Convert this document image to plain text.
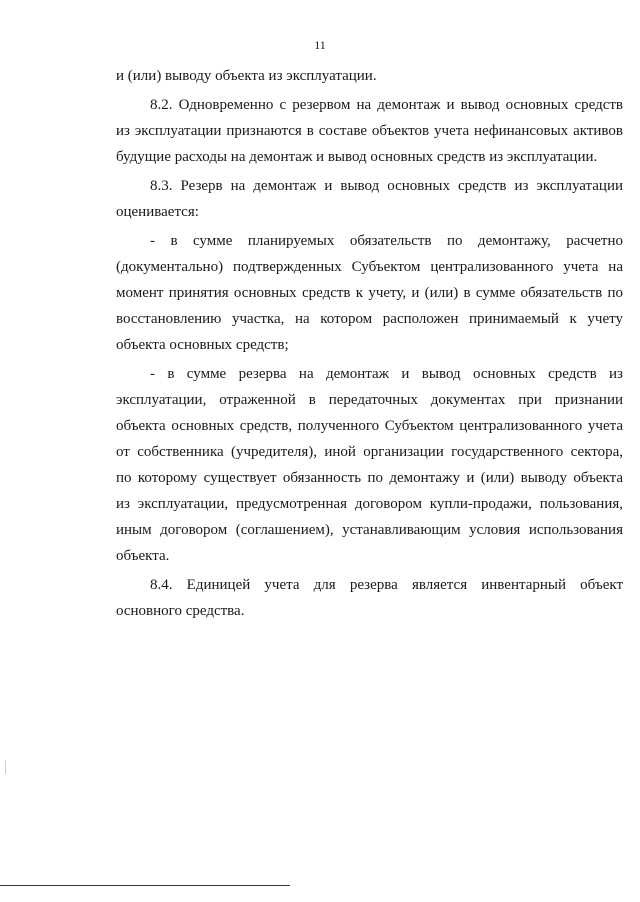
11
и (или) выводу объекта из эксплуатации.
8.2. Одновременно с резервом на демонтаж и вывод основных средств
из эксплуатации признаются в составе объектов учета нефинансовых активов
будущие расходы на демонтаж и вывод основных средств из эксплуатации.
8.3. Резерв на демонтаж и вывод основных средств из эксплуатации
оценивается:
- в сумме планируемых обязательств по демонтажу, расчетно
(документально) подтвержденных Субъектом централизованного учета на
момент принятия основных средств к учету, и (или) в сумме обязательств по
восстановлению участка, на котором расположен принимаемый к учету
объекта основных средств;
- в сумме резерва на демонтаж и вывод основных средств из
эксплуатации, отраженной в передаточных документах при признании
объекта основных средств, полученного Субъектом централизованного учета
от собственника (учредителя), иной организации государственного сектора,
по которому существует обязанность по демонтажу и (или) выводу объекта
из эксплуатации, предусмотренная договором купли-продажи, пользования,
иным договором (соглашением), устанавливающим условия использования
объекта.
8.4. Единицей учета для резерва является инвентарный объект
основного средства.
